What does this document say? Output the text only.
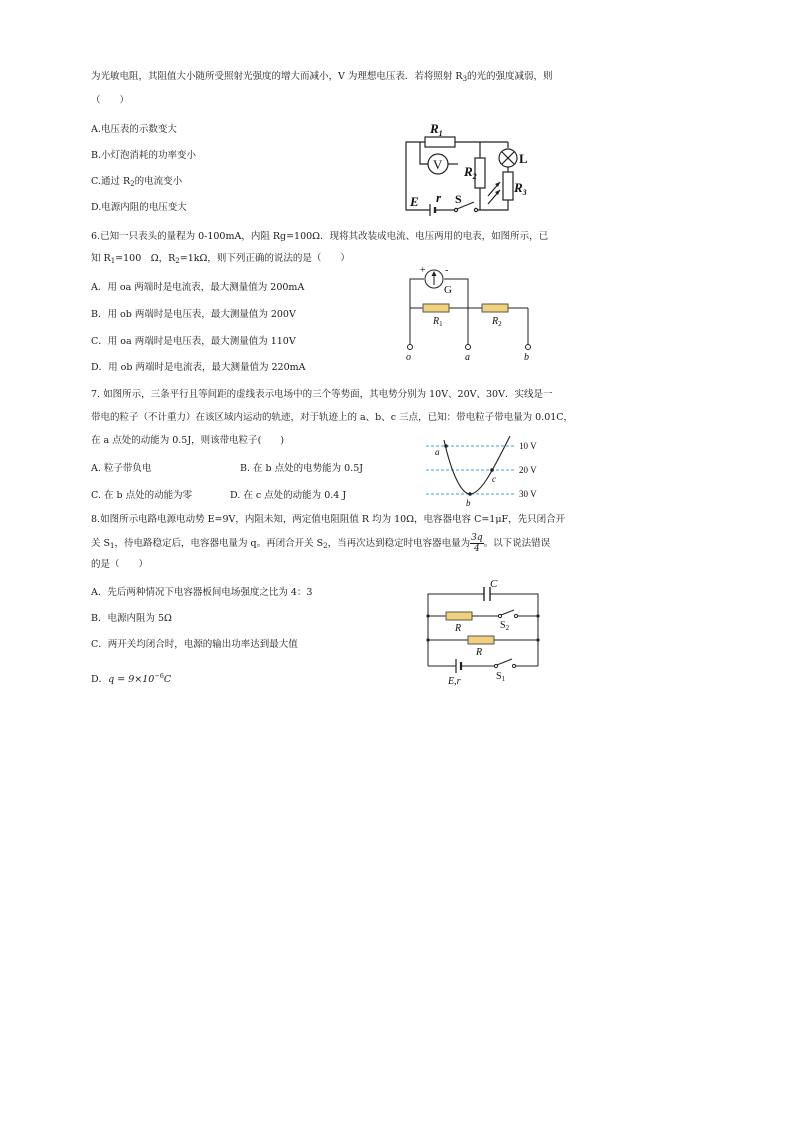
为光敏电阻，其阻值大小随所受照射光强度的增大而减小，V 为理想电压表．若将照射 $R_3$的光的强度减弱，则
（　　）
A.电压表的示数变大
B.小灯泡消耗的功率变小
C.通过 $R_2$的电流变小
D.电源内阻的电压变大
$R_1$
$R_2$
$R_3$
E r
V	L
S
6.已知一只表头的量程为 0-100mA，内阻 Rg=100Ω．现将其改装成电流、电压两用的电表，如图所示，已
知 $R_1=100$　Ω，$R_2=1k\Omega$，则下列正确的说法的是（　　）
A．用 oa 两端时是电流表，最大测量值为 200mA
B．用 ob 两端时是电压表，最大测量值为 200V
C．用 oa 两端时是电压表，最大测量值为 110V
D．用 ob 两端时是电流表，最大测量值为 220mA
+ -
G
$R_1$	$R_2$
o	a	b
7. 如图所示，三条平行且等间距的虚线表示电场中的三个等势面，其电势分别为 10V、20V、30V．实线是一
带电的粒子（不计重力）在该区域内运动的轨迹，对于轨迹上的 a、b、c 三点，已知：带电粒子带电量为 0.01C，
在 a 点处的动能为 0.5J，则该带电粒子(　　)
A. 粒子带负电	B. 在 b 点处的电势能为 0.5J
C. 在 b 点处的动能为零	D. 在 c 点处的动能为 0.4 J
a
b
c
10 V
20 V
30 V
8.如图所示电路电源电动势 E=9V，内阻未知，两定值电阻阻值 R 均为 10Ω，电容器电容 C=1μF，先只闭合开
关 $S_1$，待电路稳定后，电容器电量为 q。再闭合开关 $S_2$，当再次达到稳定时电容器电量为 $\frac{3q}{4}$ 。以下说法错误
的是（　　）
A．先后两种情况下电容器板间电场强度之比为 4：3
B．电源内阻为 5Ω
C．两开关均闭合时，电源的输出功率达到最大值
D．$q = 9\times 10^{-6}C$
C
R
R
$S_2$
$S_1$
E,r
